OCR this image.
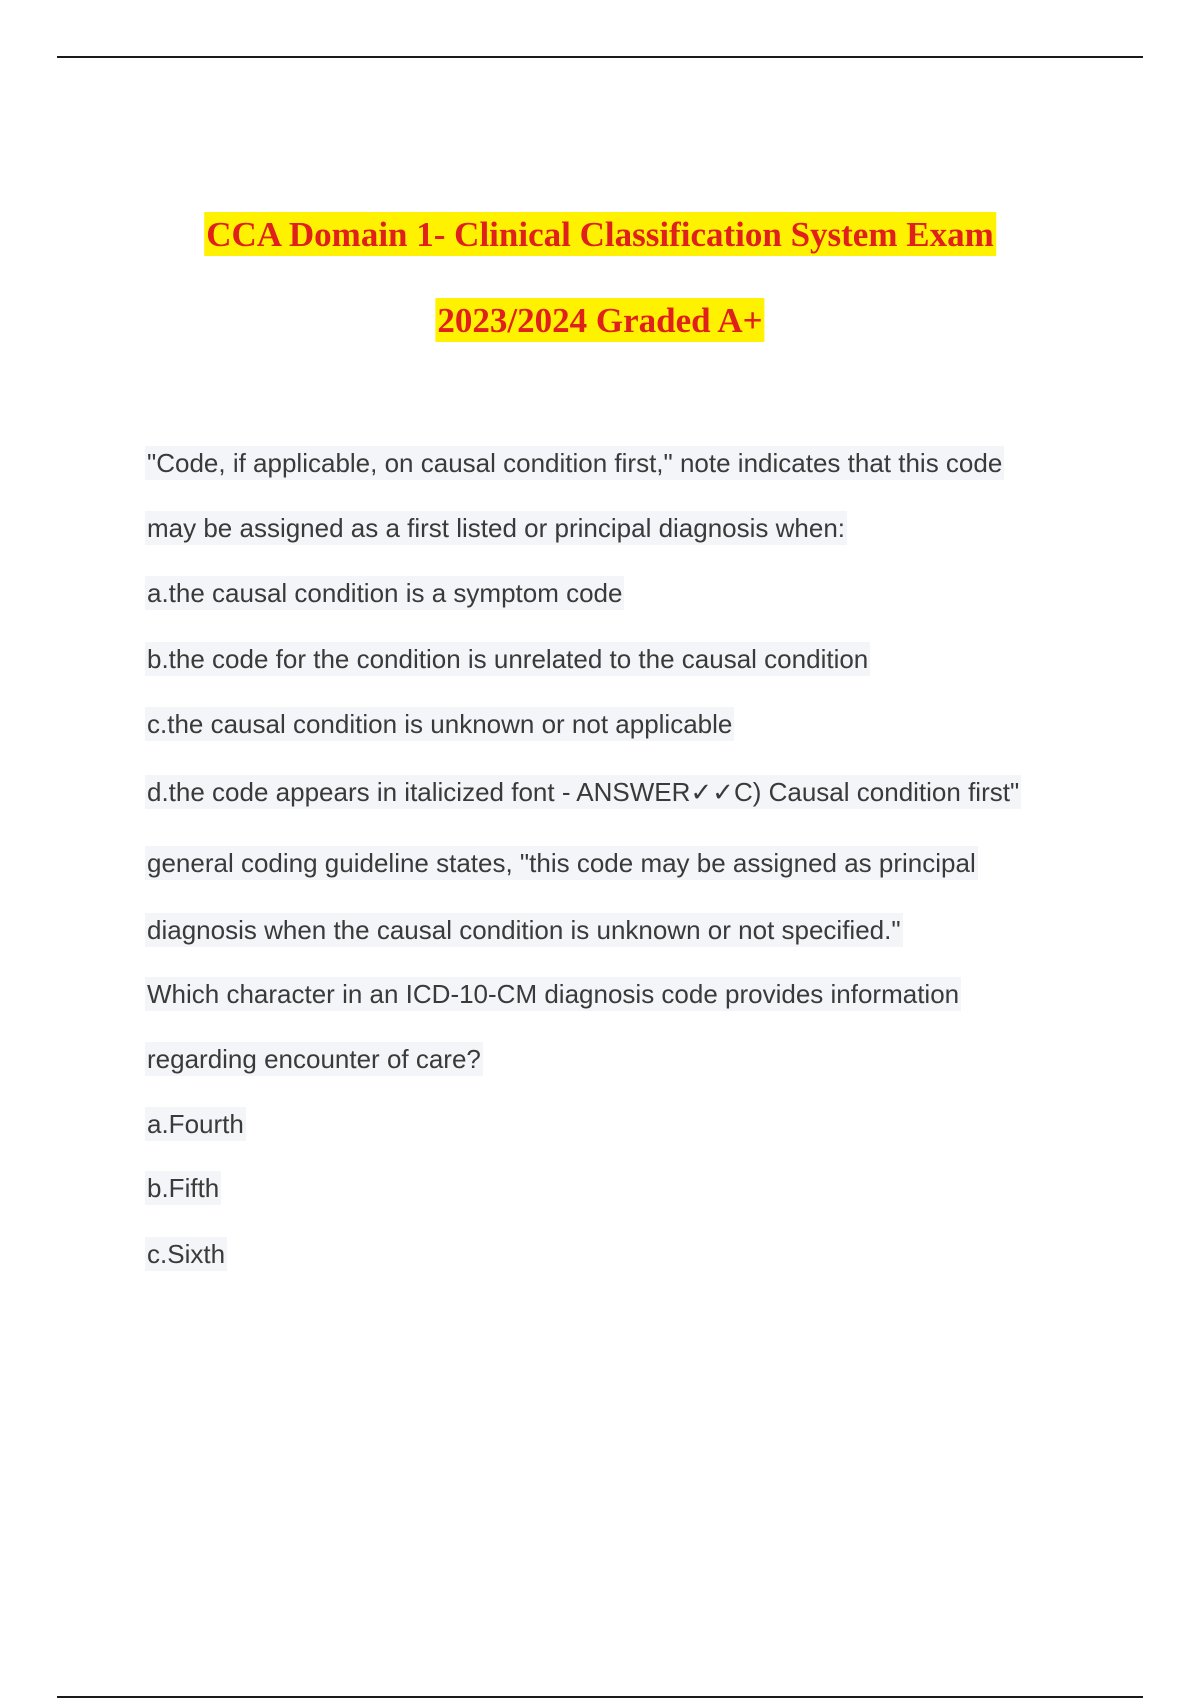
CCA Domain 1- Clinical Classification System Exam
2023/2024 Graded A+
"Code, if applicable, on causal condition first," note indicates that this code
may be assigned as a first listed or principal diagnosis when:
a.the causal condition is a symptom code
b.the code for the condition is unrelated to the causal condition
c.the causal condition is unknown or not applicable
d.the code appears in italicized font - ANSWER✓✓C) Causal condition first"
general coding guideline states, "this code may be assigned as principal
diagnosis when the causal condition is unknown or not specified."
Which character in an ICD-10-CM diagnosis code provides information
regarding encounter of care?
a.Fourth
b.Fifth
c.Sixth
